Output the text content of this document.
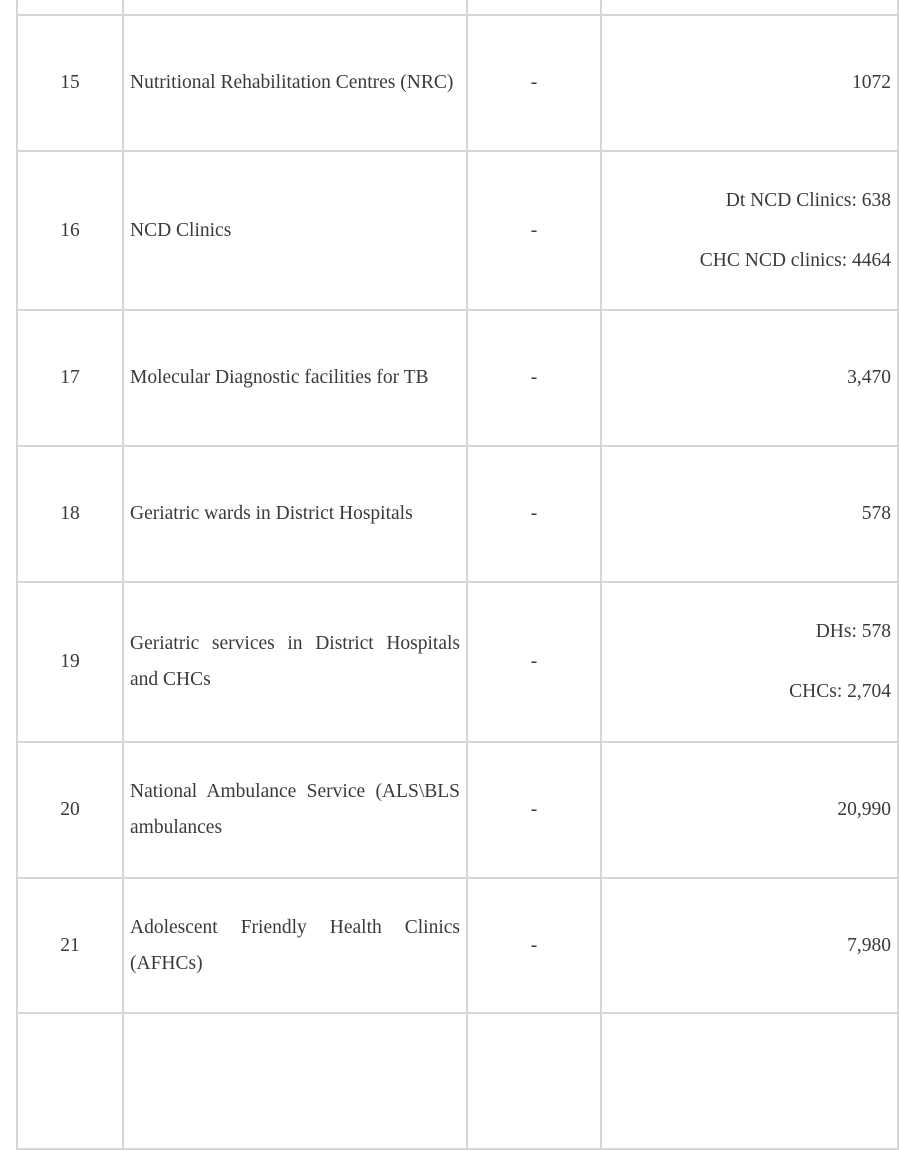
15	Nutritional Rehabilitation Centres (NRC)	-	1072
16	NCD Clinics	-	Dt NCD Clinics: 638
CHC NCD clinics: 4464

17	Molecular Diagnostic facilities for TB	-	3,470
18	Geriatric wards in District Hospitals	-	578
19	Geriatric services in District Hospitals and CHCs	-	DHs: 578
CHCs: 2,704

20	National Ambulance Service (ALS\BLS ambulances	-	20,990
21	Adolescent Friendly Health Clinics (AFHCs)	-	7,980
